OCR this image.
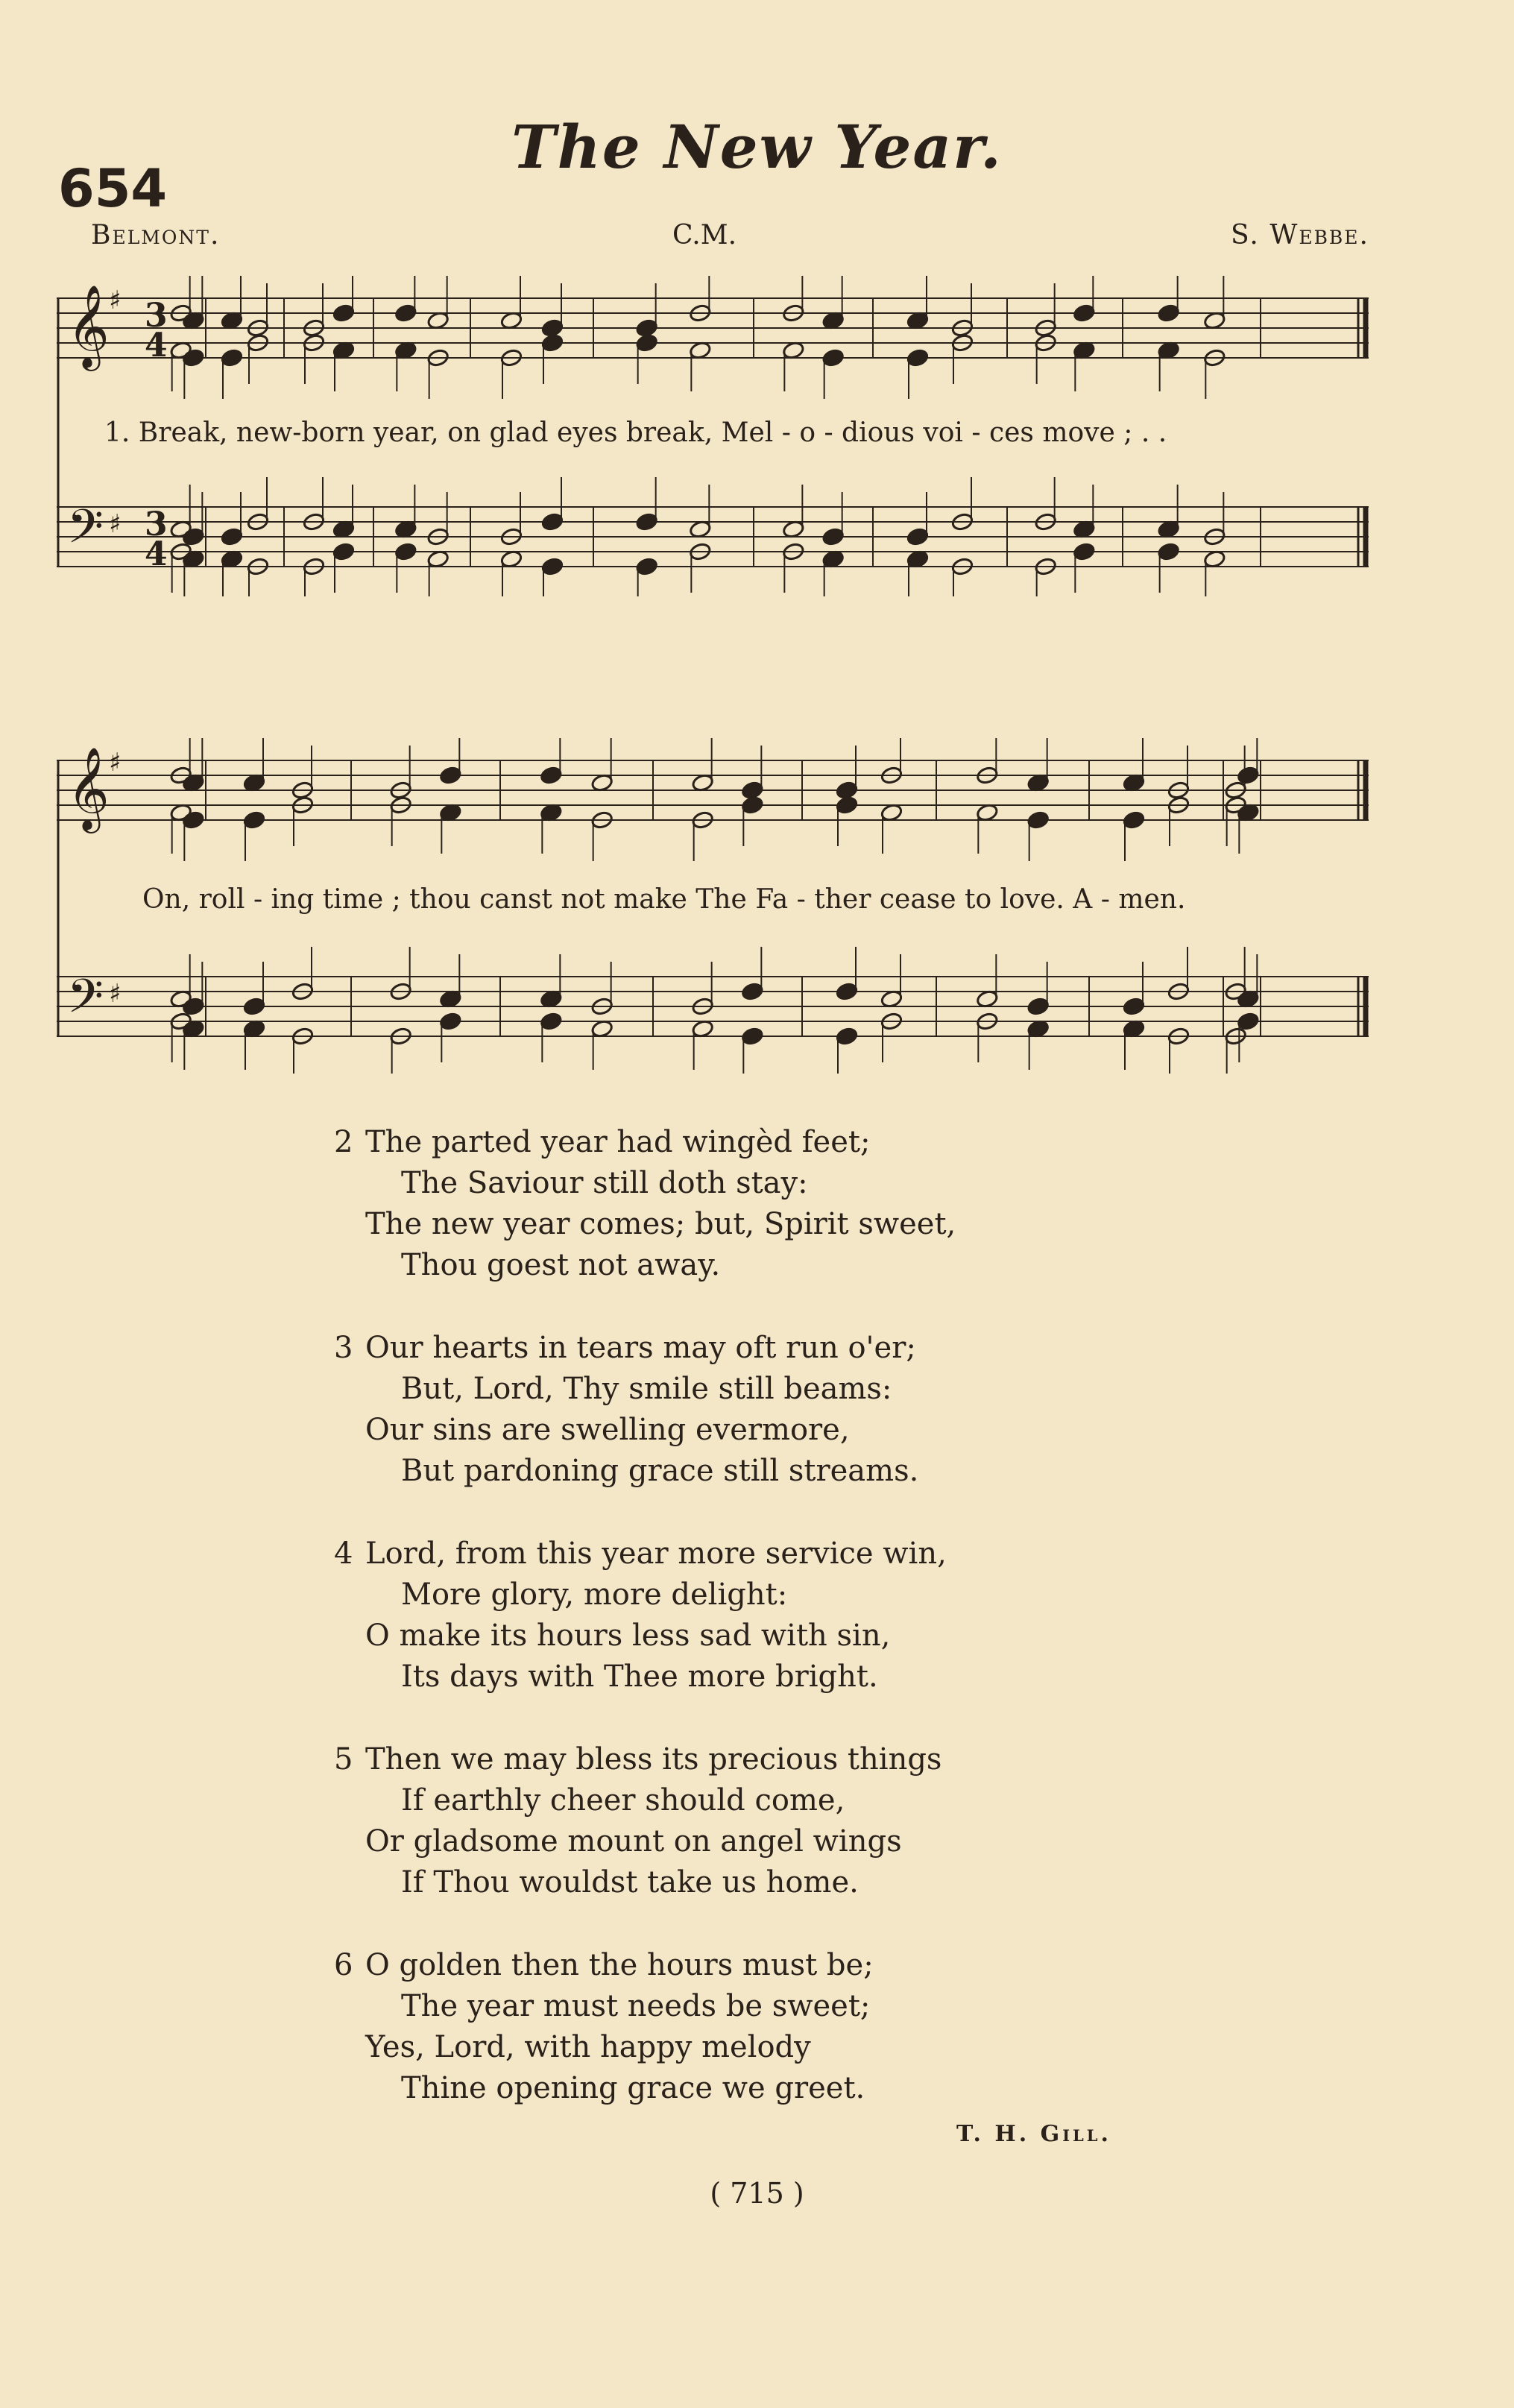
The New Year.
654
Belmont.	C.M.	S. Webbe.
𝄞
𝄢
♯
♯
3
4
3
4
1. Break, new-born year, on glad eyes break, Mel - o - dious voi - ces move ; . .
𝄞
𝄢
♯
♯
On, roll - ing time ; thou canst not make The Fa - ther cease to love. A - men.
2 The parted year had wingèd feet;
The Saviour still doth stay:
The new year comes; but, Spirit sweet,
Thou goest not away.
3 Our hearts in tears may oft run o'er;
But, Lord, Thy smile still beams:
Our sins are swelling evermore,
But pardoning grace still streams.
4 Lord, from this year more service win,
More glory, more delight:
O make its hours less sad with sin,
Its days with Thee more bright.
5 Then we may bless its precious things
If earthly cheer should come,
Or gladsome mount on angel wings
If Thou wouldst take us home.
6 O golden then the hours must be;
The year must needs be sweet;
Yes, Lord, with happy melody
Thine opening grace we greet.
T. H. Gill.
( 715 )
